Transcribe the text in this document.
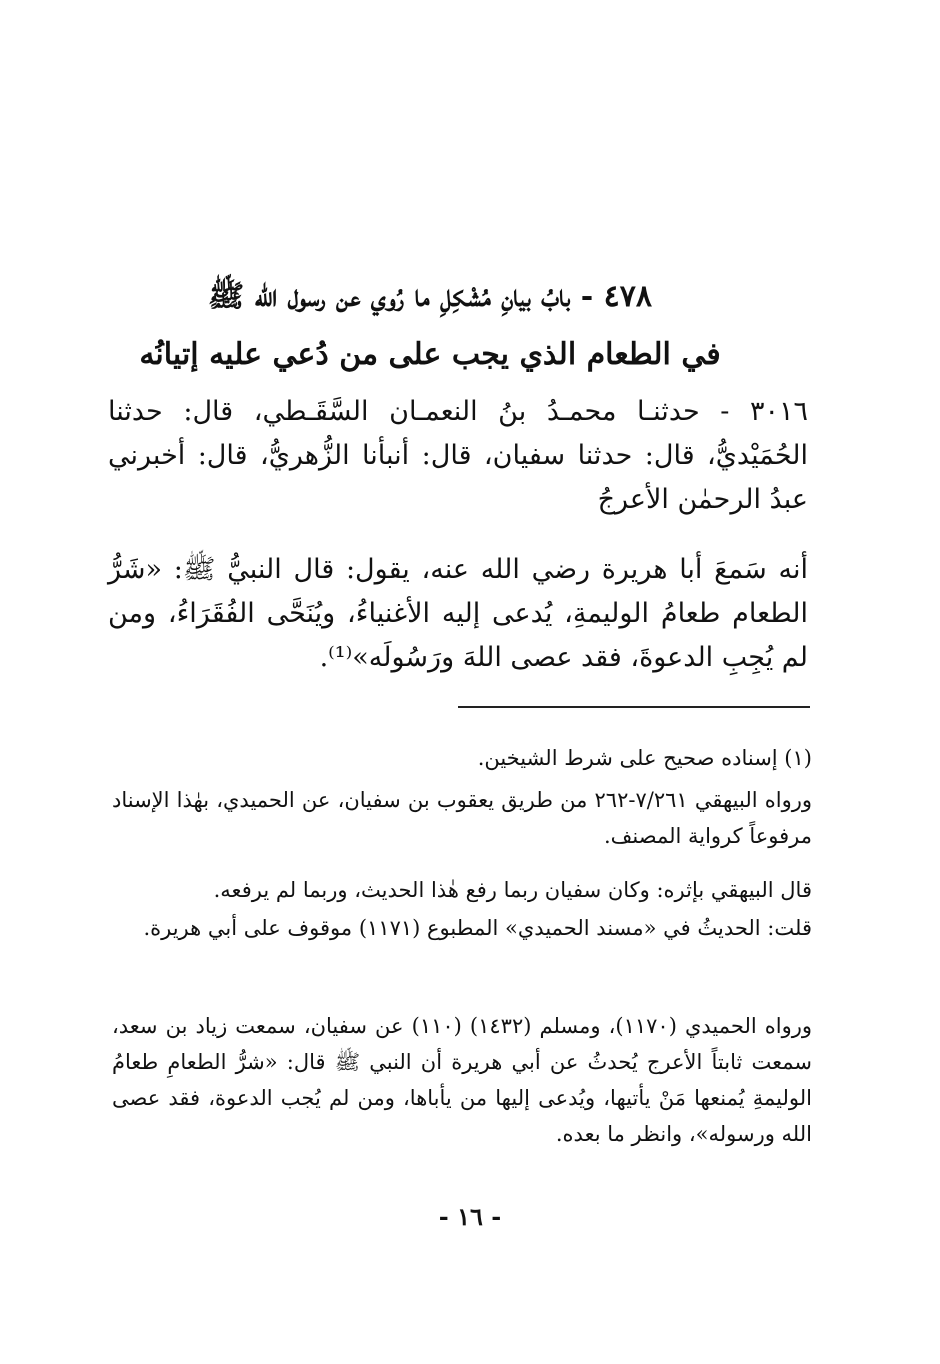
٤٧٨ - بابُ بيانِ مُشْكِلِ ما رُوي عن رسول الله ﷺ
في الطعام الذي يجب على من دُعي عليه إتيانُه
٣٠١٦ - حدثنـا محمـدُ بنُ النعمـان السَّقَـطي، قال: حدثنا الحُمَيْديُّ، قال: حدثنا سفيان، قال: أنبأنا الزُّهريُّ، قال: أخبرني عبدُ الرحمٰن الأعرجُ
أنه سَمعَ أبا هريرة رضي الله عنه، يقول: قال النبيُّ ﷺ: «شَرُّ الطعام طعامُ الوليمةِ، يُدعى إليه الأغنياءُ، ويُنَحَّى الفُقَرَاءُ، ومن لم يُجِبِ الدعوةَ، فقد عصى اللهَ ورَسُولَه»⁽¹⁾.
(١) إسناده صحيح على شرط الشيخين.
ورواه البيهقي ٧/٢٦١-٢٦٢ من طريق يعقوب بن سفيان، عن الحميدي، بهٰذا الإسناد مرفوعاً كرواية المصنف.
قال البيهقي بإثره: وكان سفيان ربما رفع هٰذا الحديث، وربما لم يرفعه.
قلت: الحديثُ في «مسند الحميدي» المطبوع (١١٧١) موقوف على أبي هريرة.
ورواه الحميدي (١١٧٠)، ومسلم (١٤٣٢) (١١٠) عن سفيان، سمعت زياد بن سعد، سمعت ثابتاً الأعرج يُحدثُ عن أبي هريرة أن النبي ﷺ قال: «شرُّ الطعامِ طعامُ الوليمةِ يُمنعها مَنْ يأتيها، ويُدعى إليها من يأباها، ومن لم يُجب الدعوة، فقد عصى الله ورسوله»، وانظر ما بعده.
- ١٦ -
